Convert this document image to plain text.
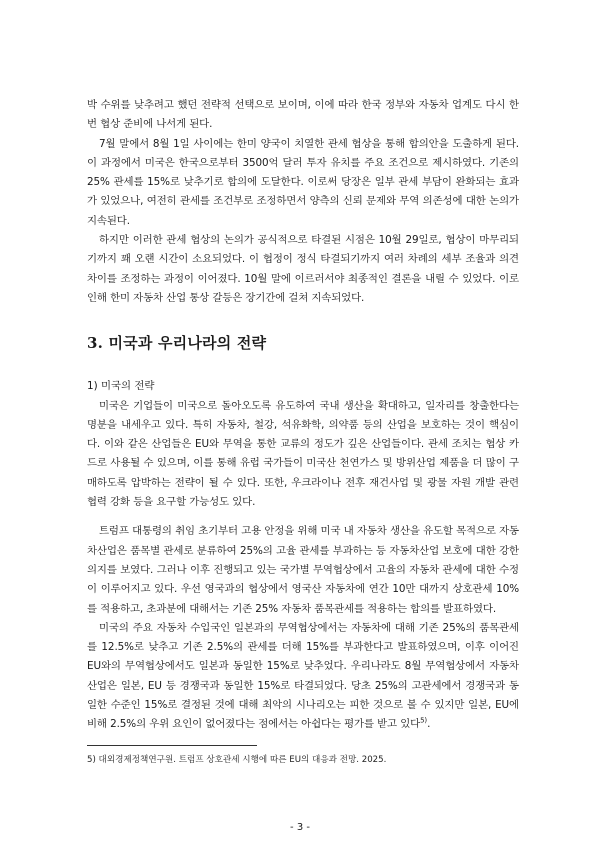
박 수위를 낮추려고 했던 전략적 선택으로 보이며, 이에 따라 한국 정부와 자동차 업계도 다시 한번 협상 준비에 나서게 된다.

7월 말에서 8월 1일 사이에는 한미 양국이 치열한 관세 협상을 통해 합의안을 도출하게 된다. 이 과정에서 미국은 한국으로부터 3500억 달러 투자 유치를 주요 조건으로 제시하였다. 기존의 25% 관세를 15%로 낮추기로 합의에 도달한다. 이로써 당장은 일부 관세 부담이 완화되는 효과가 있었으나, 여전히 관세를 조건부로 조정하면서 양측의 신뢰 문제와 무역 의존성에 대한 논의가 지속된다.

하지만 이러한 관세 협상의 논의가 공식적으로 타결된 시점은 10월 29일로, 협상이 마무리되기까지 꽤 오랜 시간이 소요되었다. 이 협정이 정식 타결되기까지 여러 차례의 세부 조율과 의견 차이를 조정하는 과정이 이어졌다. 10월 말에 이르러서야 최종적인 결론을 내릴 수 있었다. 이로 인해 한미 자동차 산업 통상 갈등은 장기간에 걸쳐 지속되었다.

3. 미국과 우리나라의 전략
1) 미국의 전략

미국은 기업들이 미국으로 돌아오도록 유도하여 국내 생산을 확대하고, 일자리를 창출한다는 명분을 내세우고 있다. 특히 자동차, 철강, 석유화학, 의약품 등의 산업을 보호하는 것이 핵심이다. 이와 같은 산업들은 EU와 무역을 통한 교류의 정도가 깊은 산업들이다. 관세 조치는 협상 카드로 사용될 수 있으며, 이를 통해 유럽 국가들이 미국산 천연가스 및 방위산업 제품을 더 많이 구매하도록 압박하는 전략이 될 수 있다. 또한, 우크라이나 전후 재건사업 및 광물 자원 개발 관련 협력 강화 등을 요구할 가능성도 있다.

트럼프 대통령의 취임 초기부터 고용 안정을 위해 미국 내 자동차 생산을 유도할 목적으로 자동차산업은 품목별 관세로 분류하여 25%의 고율 관세를 부과하는 등 자동차산업 보호에 대한 강한 의지를 보였다. 그러나 이후 진행되고 있는 국가별 무역협상에서 고율의 자동차 관세에 대한 수정이 이루어지고 있다. 우선 영국과의 협상에서 영국산 자동차에 연간 10만 대까지 상호관세 10%를 적용하고, 초과분에 대해서는 기존 25% 자동차 품목관세를 적용하는 합의를 발표하였다.

미국의 주요 자동차 수입국인 일본과의 무역협상에서는 자동차에 대해 기존 25%의 품목관세를 12.5%로 낮추고 기존 2.5%의 관세를 더해 15%를 부과한다고 발표하였으며, 이후 이어진 EU와의 무역협상에서도 일본과 동일한 15%로 낮추었다. 우리나라도 8월 무역협상에서 자동차산업은 일본, EU 등 경쟁국과 동일한 15%로 타결되었다. 당초 25%의 고관세에서 경쟁국과 동일한 수준인 15%로 결정된 것에 대해 최악의 시나리오는 피한 것으로 볼 수 있지만 일본, EU에 비해 2.5%의 우위 요인이 없어졌다는 점에서는 아쉽다는 평가를 받고 있다$^{5)}$.

5) 대외경제정책연구원. 트럼프 상호관세 시행에 따른 EU의 대응과 전망. 2025.
- 3 -
